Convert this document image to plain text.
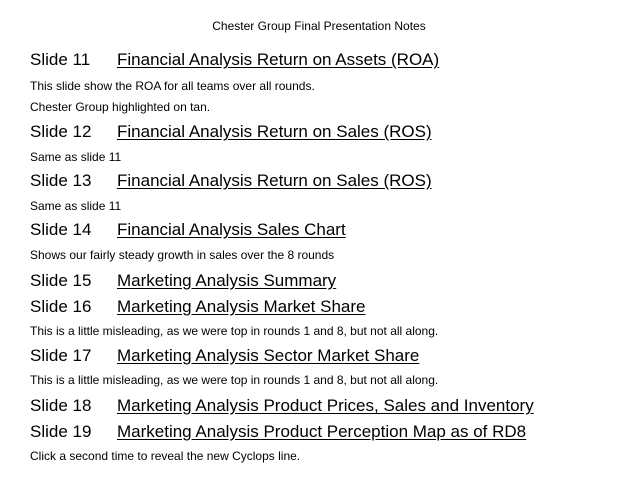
Chester Group Final Presentation Notes
Slide 11 Financial Analysis Return on Assets (ROA)
This slide show the ROA for all teams over all rounds.
Chester Group highlighted on tan.
Slide 12 Financial Analysis Return on Sales (ROS)
Same as slide 11
Slide 13 Financial Analysis Return on Sales (ROS)
Same as slide 11
Slide 14 Financial Analysis Sales Chart
Shows our fairly steady growth in sales over the 8 rounds
Slide 15 Marketing Analysis Summary
Slide 16 Marketing Analysis Market Share
This is a little misleading, as we were top in rounds 1 and 8, but not all along.
Slide 17 Marketing Analysis Sector Market Share
This is a little misleading, as we were top in rounds 1 and 8, but not all along.
Slide 18 Marketing Analysis Product Prices, Sales and Inventory
Slide 19 Marketing Analysis Product Perception Map as of RD8
Click a second time to reveal the new Cyclops line.
